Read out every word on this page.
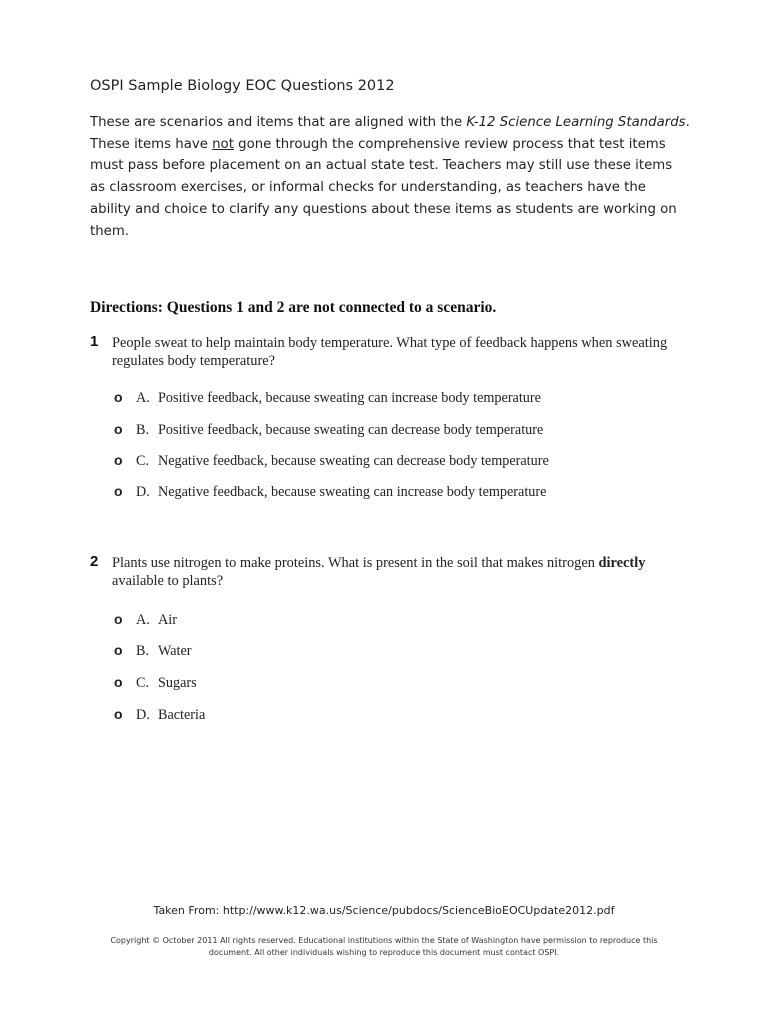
OSPI Sample Biology EOC Questions 2012
These are scenarios and items that are aligned with the K-12 Science Learning Standards. These items have not gone through the comprehensive review process that test items must pass before placement on an actual state test. Teachers may still use these items as classroom exercises, or informal checks for understanding, as teachers have the ability and choice to clarify any questions about these items as students are working on them.
Directions: Questions 1 and 2 are not connected to a scenario.
1 People sweat to help maintain body temperature. What type of feedback happens when sweating regulates body temperature?
o A. Positive feedback, because sweating can increase body temperature
o B. Positive feedback, because sweating can decrease body temperature
o C. Negative feedback, because sweating can decrease body temperature
o D. Negative feedback, because sweating can increase body temperature
2 Plants use nitrogen to make proteins. What is present in the soil that makes nitrogen directly available to plants?
o A. Air
o B. Water
o C. Sugars
o D. Bacteria
Taken From: http://www.k12.wa.us/Science/pubdocs/ScienceBioEOCUpdate2012.pdf
Copyright © October 2011 All rights reserved. Educational institutions within the State of Washington have permission to reproduce this document. All other individuals wishing to reproduce this document must contact OSPI.
